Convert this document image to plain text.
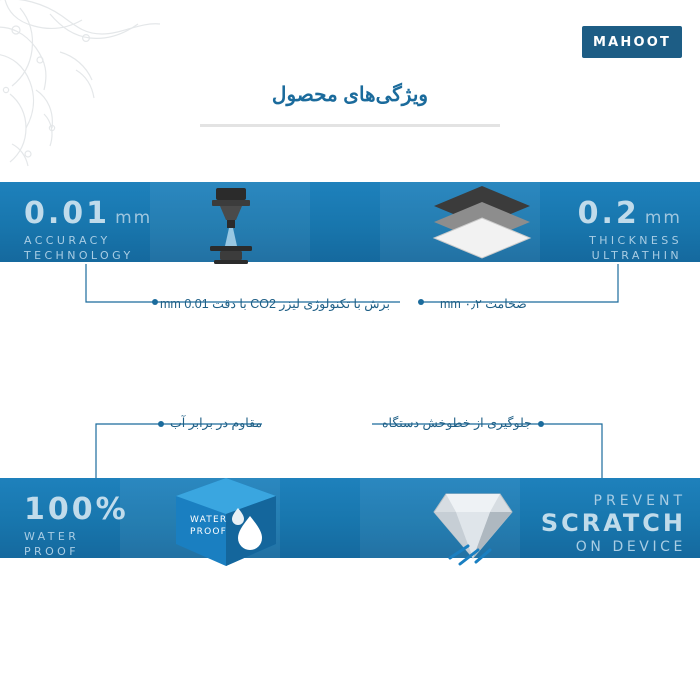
MAHOOT
ویژگی‌های محصول
0.01 mm
ACCURACY
TECHNOLOGY
0.2 mm
THICKNESS
ULTRATHIN
برش با تکنولوژی لیزر CO2 با دقت 0.01 mm	ضخامت ۰٫۲ mm
مقاوم در برابر آب	جلوگیری از خطوخش دستگاه
100%
WATER
PROOF
WATER
PROOF
PREVENT
SCRATCH
ON DEVICE
